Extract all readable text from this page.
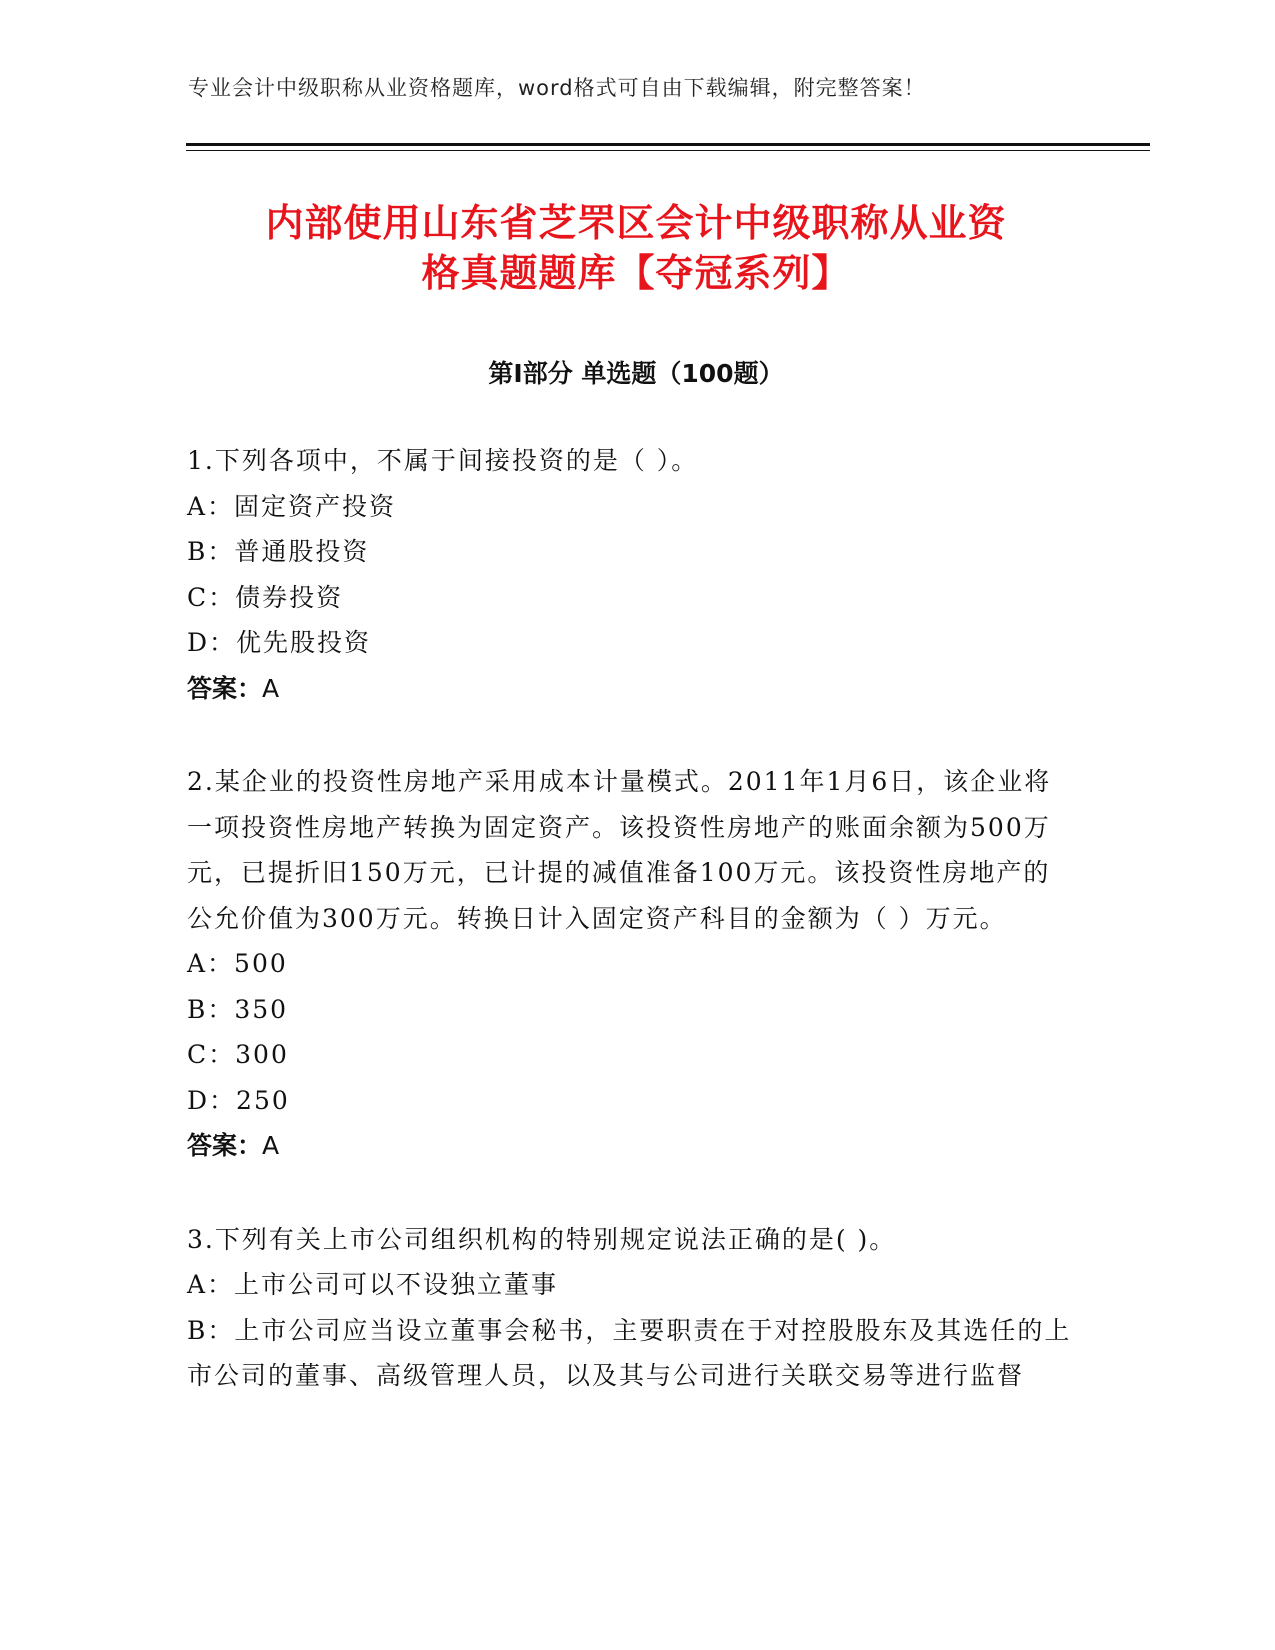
专业会计中级职称从业资格题库，word格式可自由下载编辑，附完整答案！
内部使用山东省芝罘区会计中级职称从业资
格真题题库【夺冠系列】
第Ⅰ部分 单选题（100题）

1.下列各项中，不属于间接投资的是（ ）。

A：固定资产投资

B：普通股投资

C：债券投资

D：优先股投资

答案：A

2.某企业的投资性房地产采用成本计量模式。2011年1月6日，该企业将一项投资性房地产转换为固定资产。该投资性房地产的账面余额为500万元，已提折旧150万元，已计提的减值准备100万元。该投资性房地产的公允价值为300万元。转换日计入固定资产科目的金额为（ ）万元。

A：500

B：350

C：300

D：250

答案：A

3.下列有关上市公司组织机构的特别规定说法正确的是( )。

A：上市公司可以不设独立董事

B：上市公司应当设立董事会秘书，主要职责在于对控股股东及其选任的上市公司的董事、高级管理人员，以及其与公司进行关联交易等进行监督
